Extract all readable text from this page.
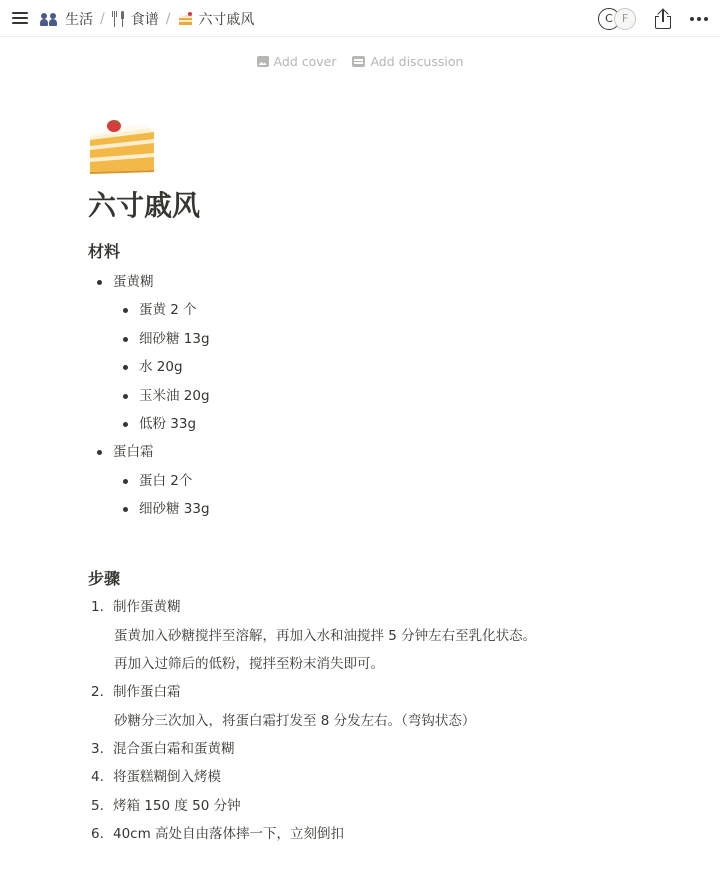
生活 / 食谱 / 六寸戚风	C F
Add cover	Add discussion
六寸戚风
材料
蛋黄糊
蛋黄 2 个
细砂糖 13g
水 20g
玉米油 20g
低粉 33g
蛋白霜
蛋白 2个
细砂糖 33g
步骤
1. 制作蛋黄糊
蛋黄加入砂糖搅拌至溶解，再加入水和油搅拌 5 分钟左右至乳化状态。
再加入过筛后的低粉，搅拌至粉末消失即可。
2. 制作蛋白霜
砂糖分三次加入，将蛋白霜打发至 8 分发左右。（弯钩状态）
3. 混合蛋白霜和蛋黄糊
4. 将蛋糕糊倒入烤模
5. 烤箱 150 度 50 分钟
6. 40cm 高处自由落体摔一下，立刻倒扣
